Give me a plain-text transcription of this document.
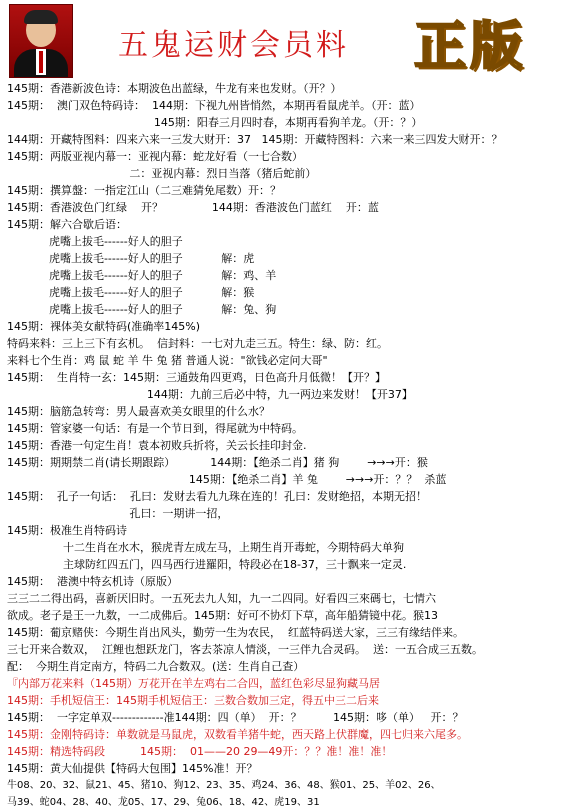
五鬼运财会员料 正版
145期：香港新波色诗：本期波色出蓝绿，牛龙有来也发财。（开？）
145期：  澳门双色特码诗：  144期：下视九州皆悄然，本期再看鼠虎羊。（开：蓝）
145期：阳春三月四时春，本期再看狗羊龙。（开：？）
144期：开藏特图料：四来六来一三发大财开：37   145期：开藏特图料：六来一来三四发大财开：？
145期：两版亚视内幕一：亚视内幕：蛇龙好看（一七合数）
二：亚视内幕：烈日当落（猪后蛇前）
145期：撰算盤：一指定江山（二三难猜免尾数）开：？
145期：香港波色门红绿    开？              144期：香港波色门蓝红    开：蓝
145期：解六合歇后语：
虎嘴上拔毛------好人的胆子
虎嘴上拔毛------好人的胆子           解：虎
虎嘴上拔毛------好人的胆子           解：鸡、羊
虎嘴上拔毛------好人的胆子           解：猴
虎嘴上拔毛------好人的胆子           解：兔、狗
145期：裸体美女献特码(准确率145%)
特码来料：三上三下有玄机。  信封料：一七对九走三五。特生：绿、防：红。
来料七个生肖：鸡 鼠 蛇 羊 牛 兔 猪 普通人说："欲钱必定问大哥"
145期：  生肖特一玄：145期：三通鼓角四更鸡，日色高升月低微！【开？】
144期：九前三后必中特，九一两边来发财！【开37】
145期：脑筋急转弯：男人最喜欢美女眼里的什么水？
145期：管家婆一句话：有是一个节日到，得尾就为中特码。
145期：香港一句定生肖！袁本初败兵折将，关云长挂印封金.
145期：期期禁二肖(请长期跟踪）          144期：【绝杀二肖】猪 狗        →→→开：猴
145期：【绝杀二肖】羊 兔        →→→开：？？  杀蓝
145期：  孔子一句话：  孔曰：发财去看九九珠在连的！孔曰：发财绝招，本期无招！
孔曰：一期讲一招，
145期：极准生肖特码诗
十二生肖在水木，猴虎青左成左马，上期生肖开毒蛇，今期特码大单狗
主球防红四五门，四马西行进羅阳，特段必在18-37，三十飘来一定灵.
145期：  港澳中特玄机诗（原版）
三三二二得出码，喜新厌旧时。一五死去九人知，九一二四同。好看四三來碼七，七情六
欲成。老子是王一九数，一二成佛后。145期：好可不协灯下草，高年船猜镜中花。猴13
145期：葡京赌侠：今期生肖出风头，勤劳一生为农民，  红蓝特码送大家，三三有缘结伴来。
三七开来合数双，  江鲤也想跃龙门，客去茶凉人情淡，一三伴九合灵码。  送：一五合成三五数。
配：  今期生肖定南方，特码二九合数双。(送：生肖自己查）
『内部万花来料（145期）万花开在羊左鸡右二合四，蓝红色彩尽显狗藏马居
145期：手机短信王：145期手机短信王：三数合数加三定，得五中三二后来
145期：  一字定单双-------------准144期：四（单）  开：？         145期：哆（单）   开：？
145期：金刚特码诗：单数就是马鼠虎，双数看羊猪牛蛇，西天路上伏群魔，四七归来六尾多。
145期：精选特码段          145期：  01——20 29—49开：？？准！准！准！
145期：黄大仙提供【特码大包围】145%准！开？
牛08、20、32、鼠21、45、猪10、狗12、23、35、鸡24、36、48、猴01、25、羊02、26、
马39、蛇04、28、40、龙05、17、29、兔06、18、42、虎19、31
